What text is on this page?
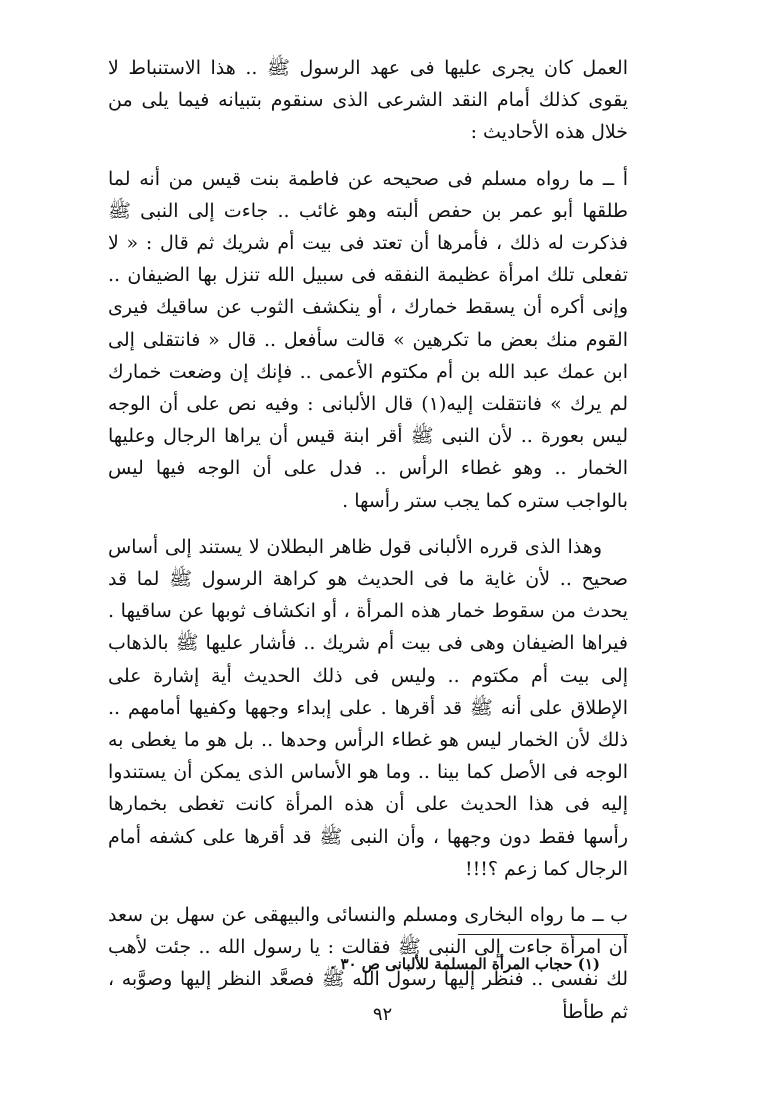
العمل كان يجرى عليها فى عهد الرسول ﷺ .. هذا الاستنباط لا يقوى كذلك أمام النقد الشرعى الذى سنقوم بتبيانه فيما يلى من خلال هذه الأحاديث :

أ ــ ما رواه مسلم فى صحيحه عن فاطمة بنت قيس من أنه لما طلقها أبو عمر بن حفص ألبته وهو غائب .. جاءت إلى النبى ﷺ فذكرت له ذلك ، فأمرها أن تعتد فى بيت أم شريك ثم قال : « لا تفعلى تلك امرأة عظيمة النفقه فى سبيل الله تنزل بها الضيفان .. وإنى أكره أن يسقط خمارك ، أو ينكشف الثوب عن ساقيك فيرى القوم منك بعض ما تكرهين » قالت سأفعل .. قال « فانتقلى إلى ابن عمك عبد الله بن أم مكتوم الأعمى .. فإنك إن وضعت خمارك لم يرك » فانتقلت إليه(١) قال الألبانى : وفيه نص على أن الوجه ليس بعورة .. لأن النبى ﷺ أقر ابنة قيس أن يراها الرجال وعليها الخمار .. وهو غطاء الرأس .. فدل على أن الوجه فيها ليس بالواجب ستره كما يجب ستر رأسها .

وهذا الذى قرره الألبانى قول ظاهر البطلان لا يستند إلى أساس صحيح .. لأن غاية ما فى الحديث هو كراهة الرسول ﷺ لما قد يحدث من سقوط خمار هذه المرأة ، أو انكشاف ثوبها عن ساقيها . فيراها الضيفان وهى فى بيت أم شريك .. فأشار عليها ﷺ بالذهاب إلى بيت أم مكتوم .. وليس فى ذلك الحديث أية إشارة على الإطلاق على أنه ﷺ قد أقرها . على إبداء وجهها وكفيها أمامهم .. ذلك لأن الخمار ليس هو غطاء الرأس وحدها .. بل هو ما يغطى به الوجه فى الأصل كما بينا .. وما هو الأساس الذى يمكن أن يستندوا إليه فى هذا الحديث على أن هذه المرأة كانت تغطى بخمارها رأسها فقط دون وجهها ، وأن النبى ﷺ قد أقرها على كشفه أمام الرجال كما زعم ؟!!!

ب ــ ما رواه البخارى ومسلم والنسائى والبيهقى عن سهل بن سعد أن امرأة جاءت إلى النبى ﷺ فقالت : يا رسول الله .. جئت لأهب لك نفسى .. فنظر إليها رسول الله ﷺ فصعَّد النظر إليها وصوَّبه ، ثم طأطأ

(١) حجاب المرأة المسلمة للألبانى ص ٣٠ .
٩٢
